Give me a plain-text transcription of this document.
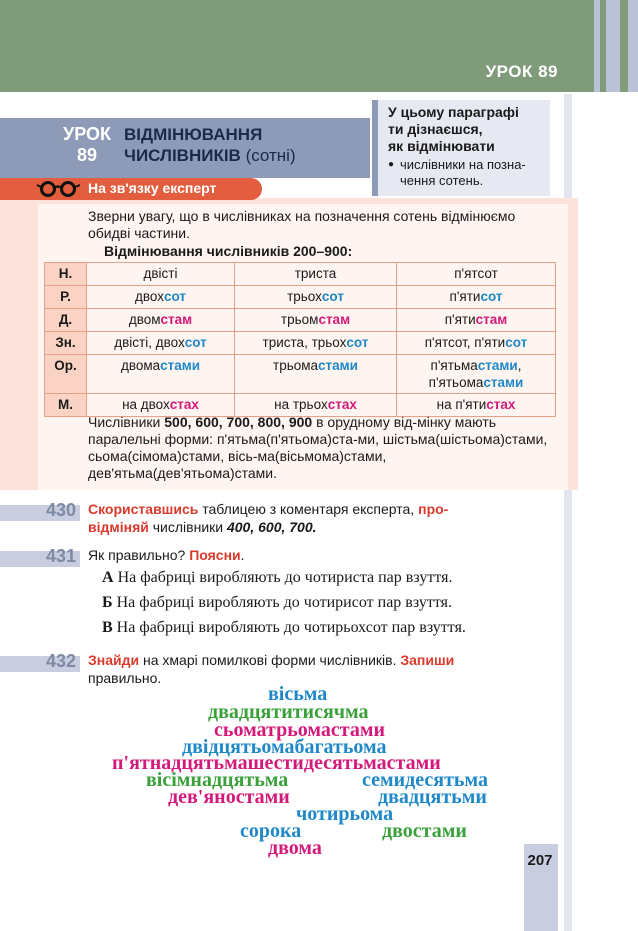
УРОК 89
УРОК
89
ВІДМІНЮВАННЯ
ЧИСЛІВНИКІВ (сотні)
У цьому параграфі
ти дізнаєшся,
як відмінювати
● числівники на позна-
чення сотень.
На зв'язку експерт
Зверни увагу, що в числівниках на позначення сотень відмінюємо обидві частини.
Відмінювання числівників 200–900:
Н.	двісті	триста	п'ятсот
Р.	двохсот	трьохсот	п'ятисот
Д.	двомстам	трьомстам	п'ятистам
Зн.	двісті, двохсот	триста, трьохсот	п'ятсот, п'ятисот
Ор.	двомастами	трьомастами	п'ятьмастами,
п'ятьомастами
М.	на двохстах	на трьохстах	на п'ятистах
Числівники 500, 600, 700, 800, 900 в орудному від-мінку мають паралельні форми: п'ятьма(п'ятьома)ста-ми, шістьма(шістьома)стами, сьома(сімома)стами, вісь-ма(вісьмома)стами, дев'ятьма(дев'ятьома)стами.
430 Скориставшись таблицею з коментаря експерта, про-
відміняй числівники 400, 600, 700.
431 Як правильно? Поясни.
А На фабриці виробляють до чотириста пар взуття.
Б На фабриці виробляють до чотирисот пар взуття.
В На фабриці виробляють до чотирьохсот пар взуття.
432 Знайди на хмарі помилкові форми числівників. Запиши
правильно.
вісьма
двадцятитисячма
сьоматрьомастами
двідцятьомабагатьома
п'ятнадцятьмашестидесятьмастами
вісімнадцятьма	семидесятьма
дев'яностами	двадцятьми
чотирьома
сорока	двостами
двома
207
